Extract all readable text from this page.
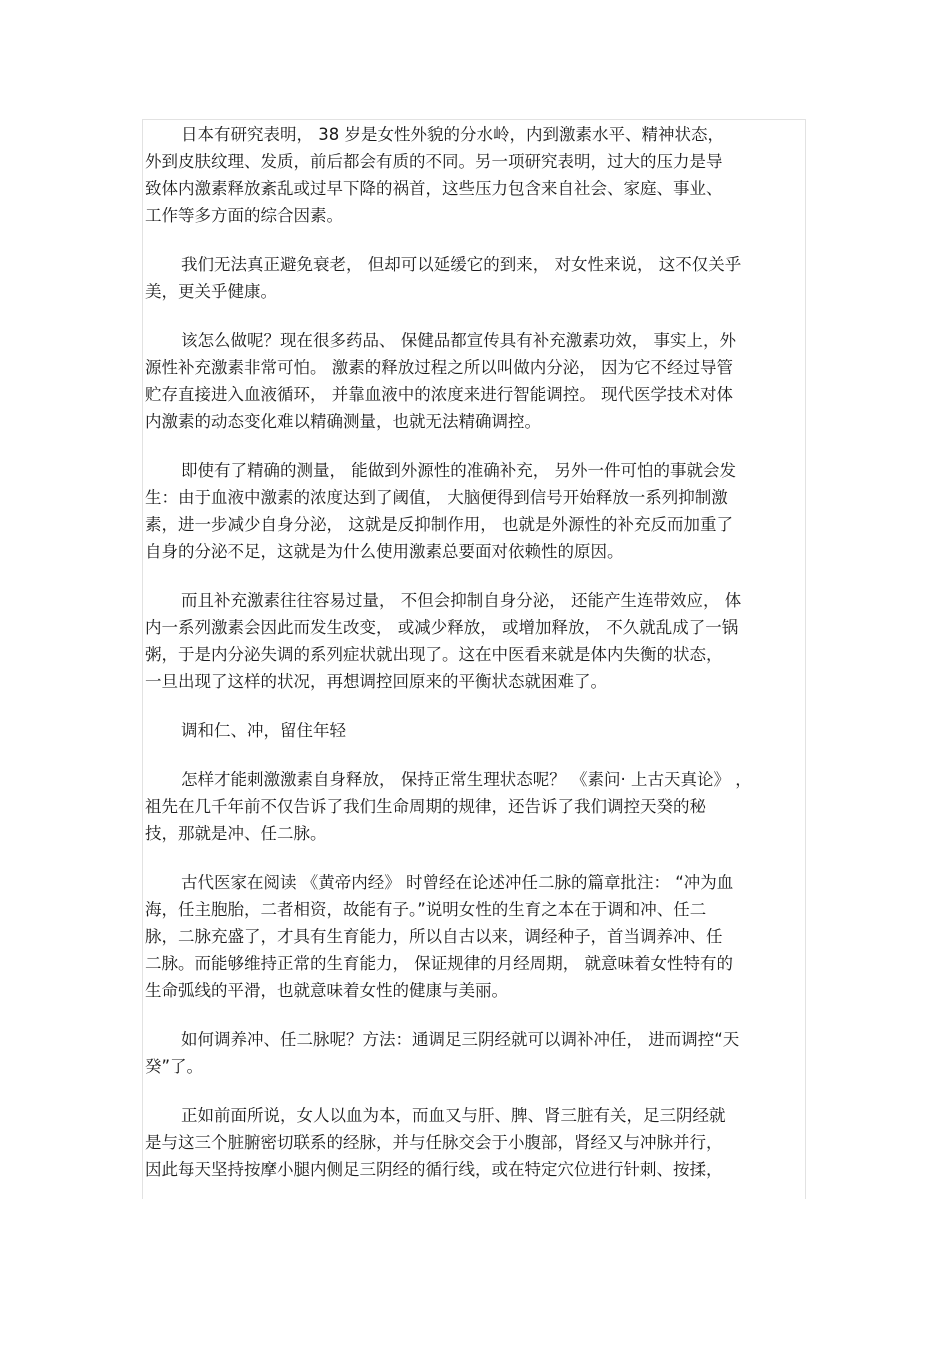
日本有研究表明， 38 岁是女性外貌的分水岭，内到激素水平、精神状态，
外到皮肤纹理、发质，前后都会有质的不同。另一项研究表明，过大的压力是导
致体内激素释放紊乱或过早下降的祸首，这些压力包含来自社会、家庭、事业、
工作等多方面的综合因素。

我们无法真正避免衰老， 但却可以延缓它的到来， 对女性来说， 这不仅关乎
美，更关乎健康。

该怎么做呢？现在很多药品、 保健品都宣传具有补充激素功效， 事实上，外
源性补充激素非常可怕。 激素的释放过程之所以叫做内分泌， 因为它不经过导管
贮存直接进入血液循环， 并靠血液中的浓度来进行智能调控。 现代医学技术对体
内激素的动态变化难以精确测量，也就无法精确调控。

即使有了精确的测量， 能做到外源性的准确补充， 另外一件可怕的事就会发
生：由于血液中激素的浓度达到了阈值， 大脑便得到信号开始释放一系列抑制激
素，进一步减少自身分泌， 这就是反抑制作用， 也就是外源性的补充反而加重了
自身的分泌不足，这就是为什么使用激素总要面对依赖性的原因。

而且补充激素往往容易过量， 不但会抑制自身分泌， 还能产生连带效应， 体
内一系列激素会因此而发生改变， 或减少释放， 或增加释放， 不久就乱成了一锅
粥，于是内分泌失调的系列症状就出现了。这在中医看来就是体内失衡的状态，
一旦出现了这样的状况，再想调控回原来的平衡状态就困难了。

调和仁、冲，留住年轻

怎样才能刺激激素自身释放， 保持正常生理状态呢？ 《素问· 上古天真论》 ，
祖先在几千年前不仅告诉了我们生命周期的规律，还告诉了我们调控天癸的秘
技，那就是冲、任二脉。

古代医家在阅读 《黄帝内经》 时曾经在论述冲任二脉的篇章批注： “冲为血
海，任主胞胎，二者相资，故能有子。”说明女性的生育之本在于调和冲、任二
脉，二脉充盛了，才具有生育能力，所以自古以来，调经种子，首当调养冲、任
二脉。而能够维持正常的生育能力， 保证规律的月经周期， 就意味着女性特有的
生命弧线的平滑，也就意味着女性的健康与美丽。

如何调养冲、任二脉呢？方法：通调足三阴经就可以调补冲任， 进而调控“天
癸”了。

正如前面所说，女人以血为本，而血又与肝、脾、肾三脏有关，足三阴经就
是与这三个脏腑密切联系的经脉，并与任脉交会于小腹部，肾经又与冲脉并行，
因此每天坚持按摩小腿内侧足三阴经的循行线，或在特定穴位进行针刺、按揉，
